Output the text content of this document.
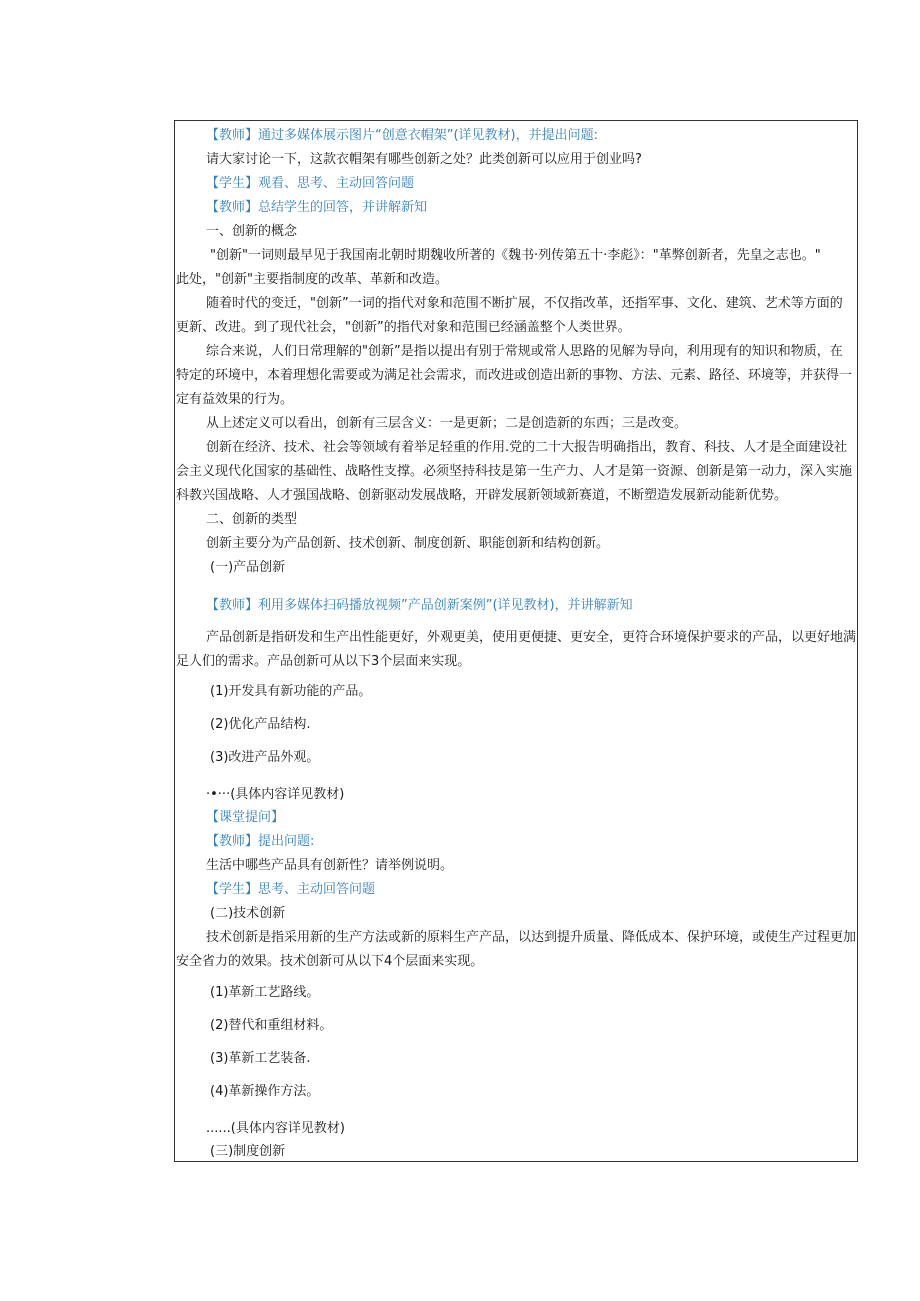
【教师】通过多媒体展示图片“创意衣帽架”(详见教材)，并提出问题:
请大家讨论一下，这款衣帽架有哪些创新之处？此类创新可以应用于创业吗?
【学生】观看、思考、主动回答问题
【教师】总结学生的回答，并讲解新知
一、创新的概念
"创新"一词则最早见于我国南北朝时期魏收所著的《魏书·列传第五十·李彪》："革弊创新者，先皇之志也。"
此处，"创新"主要指制度的改革、革新和改造。
随着时代的变迁，"创新”一词的指代对象和范围不断扩展，不仅指改革，还指军事、文化、建筑、艺术等方面的
更新、改进。到了现代社会，"创新”的指代对象和范围已经涵盖整个人类世界。
综合来说，人们日常理解的"创新”是指以提出有别于常规或常人思路的见解为导向，利用现有的知识和物质，在
特定的环境中，本着理想化需要或为满足社会需求，而改进或创造出新的事物、方法、元素、路径、环境等，并获得一
定有益效果的行为。
从上述定义可以看出，创新有三层含义：一是更新；二是创造新的东西；三是改变。
创新在经济、技术、社会等领域有着举足轻重的作用.党的二十大报告明确指出，教育、科技、人才是全面建设社
会主义现代化国家的基础性、战略性支撑。必须坚持科技是第一生产力、人才是第一资源、创新是第一动力，深入实施
科教兴国战略、人才强国战略、创新驱动发展战略，开辟发展新领域新赛道，不断塑造发展新动能新优势。
二、创新的类型
创新主要分为产品创新、技术创新、制度创新、职能创新和结构创新。
(一)产品创新
【教师】利用多媒体扫码播放视频”产品创新案例”(详见教材)，并讲解新知
产品创新是指研发和生产出性能更好，外观更美，使用更便捷、更安全，更符合环境保护要求的产品，以更好地满
足人们的需求。产品创新可从以下3个层面来实现。
(1)开发具有新功能的产品。
(2)优化产品结构.
(3)改进产品外观。
·•···(具体内容详见教材)
【课堂提问】
【教师】提出问题:
生活中哪些产品具有创新性？请举例说明。
【学生】思考、主动回答问题
(二)技术创新
技术创新是指采用新的生产方法或新的原料生产产品，以达到提升质量、降低成本、保护环境，或使生产过程更加
安全省力的效果。技术创新可从以下4个层面来实现。
(1)革新工艺路线。
(2)替代和重组材料。
(3)革新工艺装备.
(4)革新操作方法。
......(具体内容详见教材)
(三)制度创新
